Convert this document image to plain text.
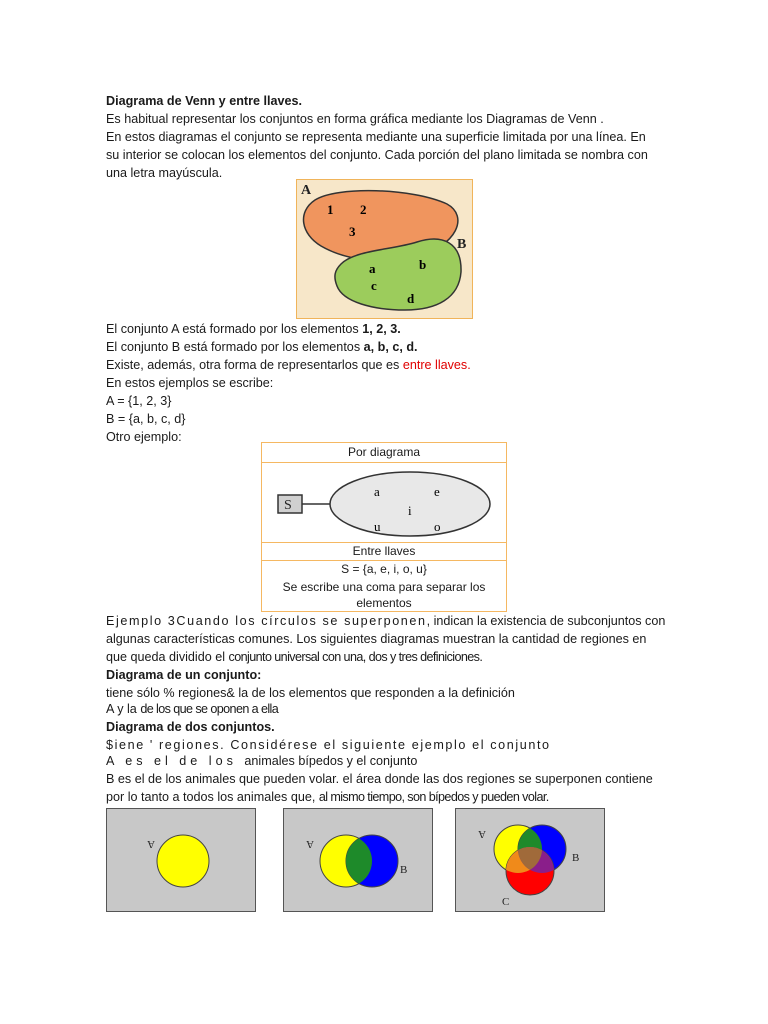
Diagrama de Venn y entre llaves.
Es habitual representar los conjuntos en forma gráfica mediante los Diagramas de Venn .
En estos diagramas el conjunto se representa mediante una superficie limitada por una línea. En
su interior se colocan los elementos del conjunto. Cada porción del plano limitada se nombra con
una letra mayúscula.
A
B
1 2
3
a	b
c
d
El conjunto A está formado por los elementos 1, 2, 3.
El conjunto B está formado por los elementos a, b, c, d.
Existe, además, otra forma de representarlos que es entre llaves.
En estos ejemplos se escribe:
A = {1, 2, 3}
B = {a, b, c, d}
Otro ejemplo:
Por diagrama
S
a	e
i
u	o
Entre llaves
S = {a, e, i, o, u}
Se escribe una coma para separar los
elementos
Ejemplo 3Cuando los círculos se superponen, indican la existencia de subconjuntos con
algunas características comunes. Los siguientes diagramas muestran la cantidad de regiones en
que queda dividido el conjunto universal con una, dos y tres definiciones.
Diagrama de un conjunto:
tiene sólo % regiones& la de los elementos que responden a la definición
A y la de los que se oponen a ella
Diagrama de dos conjuntos.
$iene ' regiones. Considérese el siguiente ejemplo el conjunto
A es el de los animales bípedos y el conjunto
B es el de los animales que pueden volar. el área donde las dos regiones se superponen contiene
por lo tanto a todos los animales que, al mismo tiempo, son bípedos y pueden volar.
A	A
B
A
B
C
